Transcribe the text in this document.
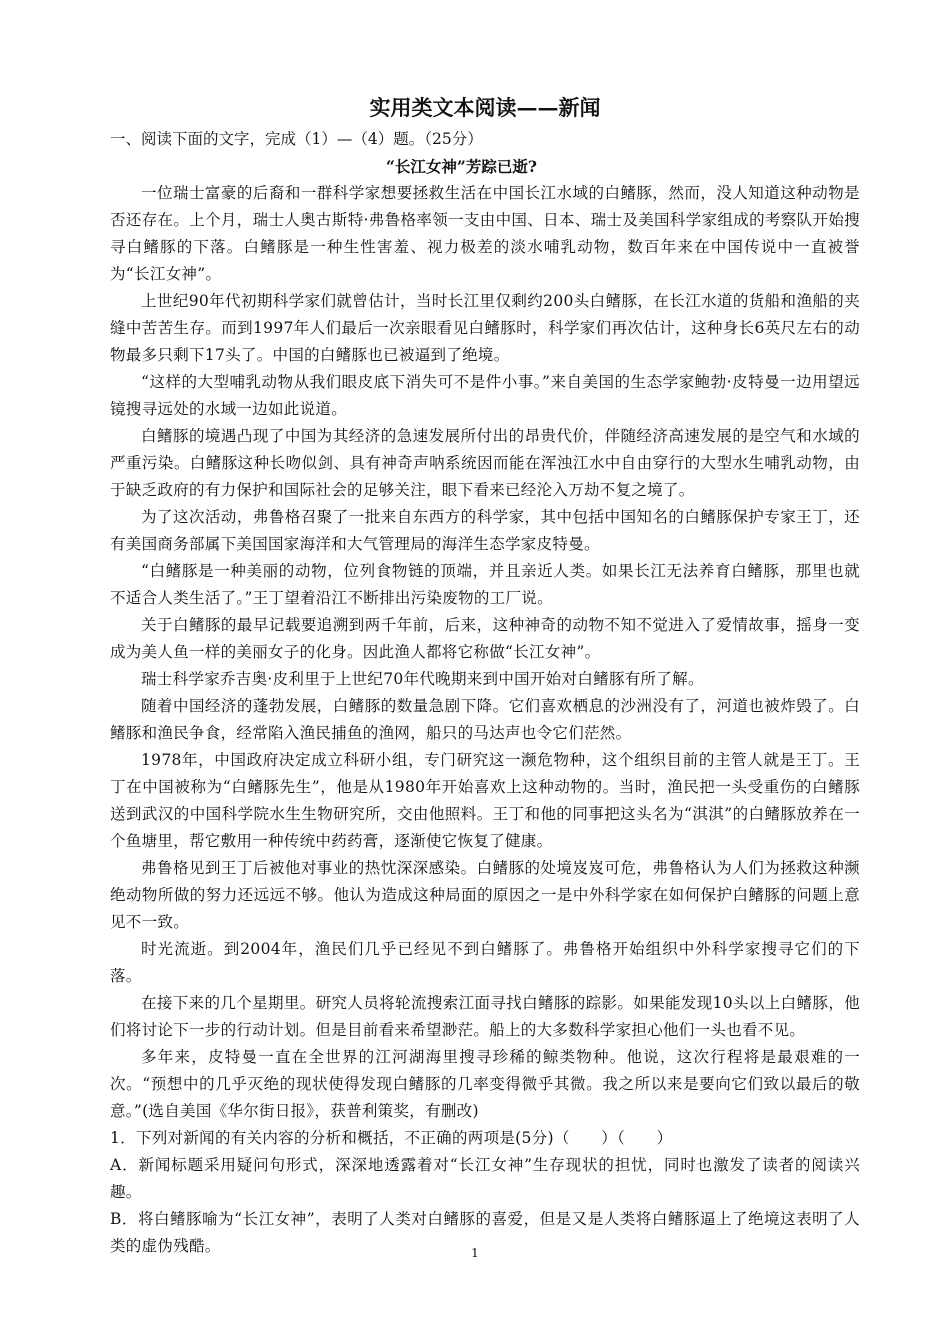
实用类文本阅读——新闻

一、阅读下面的文字，完成（1）—（4）题。（25分）

“长江女神”芳踪已逝?

一位瑞士富豪的后裔和一群科学家想要拯救生活在中国长江水域的白鳍豚，然而，没人知道这种动物是否还存在。上个月，瑞士人奥古斯特·弗鲁格率领一支由中国、日本、瑞士及美国科学家组成的考察队开始搜寻白鳍豚的下落。白鳍豚是一种生性害羞、视力极差的淡水哺乳动物，数百年来在中国传说中一直被誉为“长江女神”。

上世纪90年代初期科学家们就曾估计，当时长江里仅剩约200头白鳍豚，在长江水道的货船和渔船的夹缝中苦苦生存。而到1997年人们最后一次亲眼看见白鳍豚时，科学家们再次估计，这种身长6英尺左右的动物最多只剩下17头了。中国的白鳍豚也已被逼到了绝境。

“这样的大型哺乳动物从我们眼皮底下消失可不是件小事。”来自美国的生态学家鲍勃·皮特曼一边用望远镜搜寻远处的水域一边如此说道。

白鳍豚的境遇凸现了中国为其经济的急速发展所付出的昂贵代价，伴随经济高速发展的是空气和水域的严重污染。白鳍豚这种长吻似剑、具有神奇声呐系统因而能在浑浊江水中自由穿行的大型水生哺乳动物，由于缺乏政府的有力保护和国际社会的足够关注，眼下看来已经沦入万劫不复之境了。

为了这次活动，弗鲁格召聚了一批来自东西方的科学家，其中包括中国知名的白鳍豚保护专家王丁，还有美国商务部属下美国国家海洋和大气管理局的海洋生态学家皮特曼。

“白鳍豚是一种美丽的动物，位列食物链的顶端，并且亲近人类。如果长江无法养育白鳍豚，那里也就不适合人类生活了。”王丁望着沿江不断排出污染废物的工厂说。

关于白鳍豚的最早记载要追溯到两千年前，后来，这种神奇的动物不知不觉进入了爱情故事，摇身一变成为美人鱼一样的美丽女子的化身。因此渔人都将它称做“长江女神”。

瑞士科学家乔吉奥·皮利里于上世纪70年代晚期来到中国开始对白鳍豚有所了解。

随着中国经济的蓬勃发展，白鳍豚的数量急剧下降。它们喜欢栖息的沙洲没有了，河道也被炸毁了。白鳍豚和渔民争食，经常陷入渔民捕鱼的渔网，船只的马达声也令它们茫然。

1978年，中国政府决定成立科研小组，专门研究这一濒危物种，这个组织目前的主管人就是王丁。王丁在中国被称为“白鳍豚先生”，他是从1980年开始喜欢上这种动物的。当时，渔民把一头受重伤的白鳍豚送到武汉的中国科学院水生生物研究所，交由他照料。王丁和他的同事把这头名为“淇淇”的白鳍豚放养在一个鱼塘里，帮它敷用一种传统中药药膏，逐渐使它恢复了健康。

弗鲁格见到王丁后被他对事业的热忱深深感染。白鳍豚的处境岌岌可危，弗鲁格认为人们为拯救这种濒绝动物所做的努力还远远不够。他认为造成这种局面的原因之一是中外科学家在如何保护白鳍豚的问题上意见不一致。

时光流逝。到2004年，渔民们几乎已经见不到白鳍豚了。弗鲁格开始组织中外科学家搜寻它们的下落。

在接下来的几个星期里。研究人员将轮流搜索江面寻找白鳍豚的踪影。如果能发现10头以上白鳍豚，他们将讨论下一步的行动计划。但是目前看来希望渺茫。船上的大多数科学家担心他们一头也看不见。

多年来，皮特曼一直在全世界的江河湖海里搜寻珍稀的鲸类物种。他说，这次行程将是最艰难的一次。“预想中的几乎灭绝的现状使得发现白鳍豚的几率变得微乎其微。我之所以来是要向它们致以最后的敬意。”(选自美国《华尔街日报》，获普利策奖，有删改)

1．下列对新闻的有关内容的分析和概括，不正确的两项是(5分)（　　）（　　）

A．新闻标题采用疑问句形式，深深地透露着对“长江女神”生存现状的担忧，同时也激发了读者的阅读兴趣。

B．将白鳍豚喻为“长江女神”，表明了人类对白鳍豚的喜爱，但是又是人类将白鳍豚逼上了绝境这表明了人类的虚伪残酷。	1
